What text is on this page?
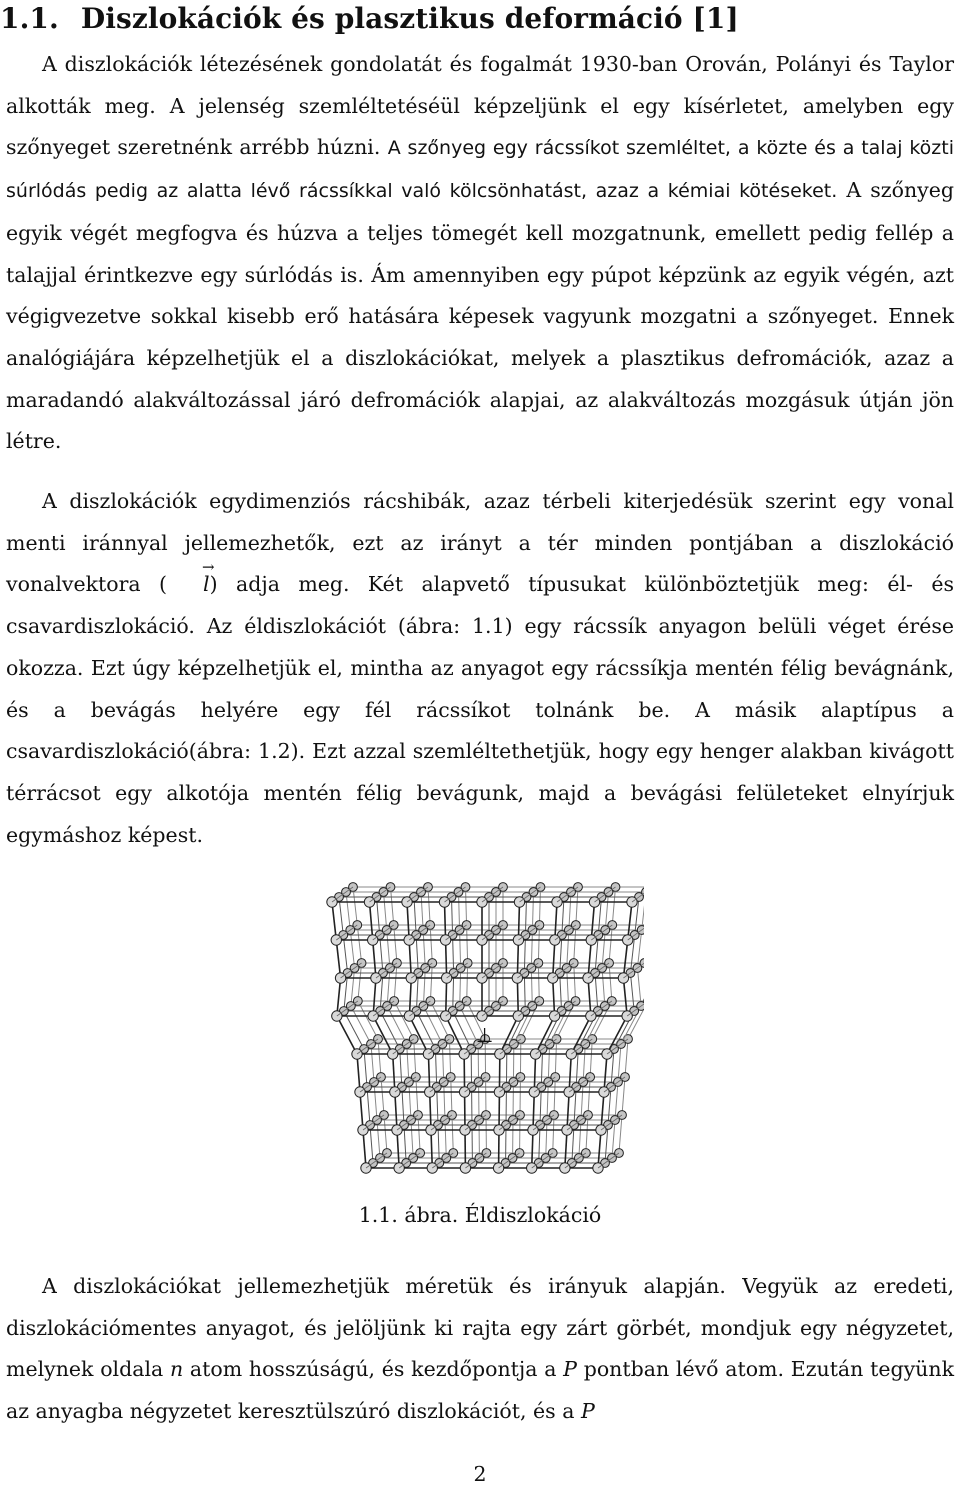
1.1. Diszlokációk és plasztikus deformáció [1]

A diszlokációk létezésének gondolatát és fogalmát 1930-ban Orován, Polányi és Taylor alkották meg. A jelenség szemléltetéséül képzeljünk el egy kísérletet, amelyben egy szőnyeget szeretnénk arrébb húzni. A szőnyeg egy rácssíkot szemléltet, a közte és a talaj közti súrlódás pedig az alatta lévő rácssíkkal való kölcsönhatást, azaz a kémiai kötéseket. A szőnyeg egyik végét megfogva és húzva a teljes tömegét kell mozgatnunk, emellett pedig fellép a talajjal érintkezve egy súrlódás is. Ám amennyiben egy púpot képzünk az egyik végén, azt végigvezetve sokkal kisebb erő hatására képesek vagyunk mozgatni a szőnyeget. Ennek analógiájára képzelhetjük el a diszlokációkat, melyek a plasztikus defromációk, azaz a maradandó alakváltozással járó defromációk alapjai, az alakváltozás mozgásuk útján jön létre.

A diszlokációk egydimenziós rácshibák, azaz térbeli kiterjedésük szerint egy vonal menti iránnyal jellemezhetők, ezt az irányt a tér minden pontjában a diszlokáció vonalvektora (→ l) adja meg. Két alapvető típusukat különböztetjük meg: él- és csavardiszlokáció. Az éldiszlokációt (ábra: 1.1) egy rácssík anyagon belüli véget érése okozza. Ezt úgy képzelhetjük el, mintha az anyagot egy rácssíkja mentén félig bevágnánk, és a bevágás helyére egy fél rácssíkot tolnánk be. A másik alaptípus a csavardiszlokáció(ábra: 1.2). Ezt azzal szemléltethetjük, hogy egy henger alakban kivágott térrácsot egy alkotója mentén félig bevágunk, majd a bevágási felületeket elnyírjuk egymáshoz képest.

⊥
1.1. ábra. Éldiszlokáció

A diszlokációkat jellemezhetjük méretük és irányuk alapján. Vegyük az eredeti, diszlokációmentes anyagot, és jelöljünk ki rajta egy zárt görbét, mondjuk egy négyzetet, melynek oldala n atom hosszúságú, és kezdőpontja a P pontban lévő atom. Ezután tegyünk az anyagba négyzetet keresztülszúró diszlokációt, és a P

2
